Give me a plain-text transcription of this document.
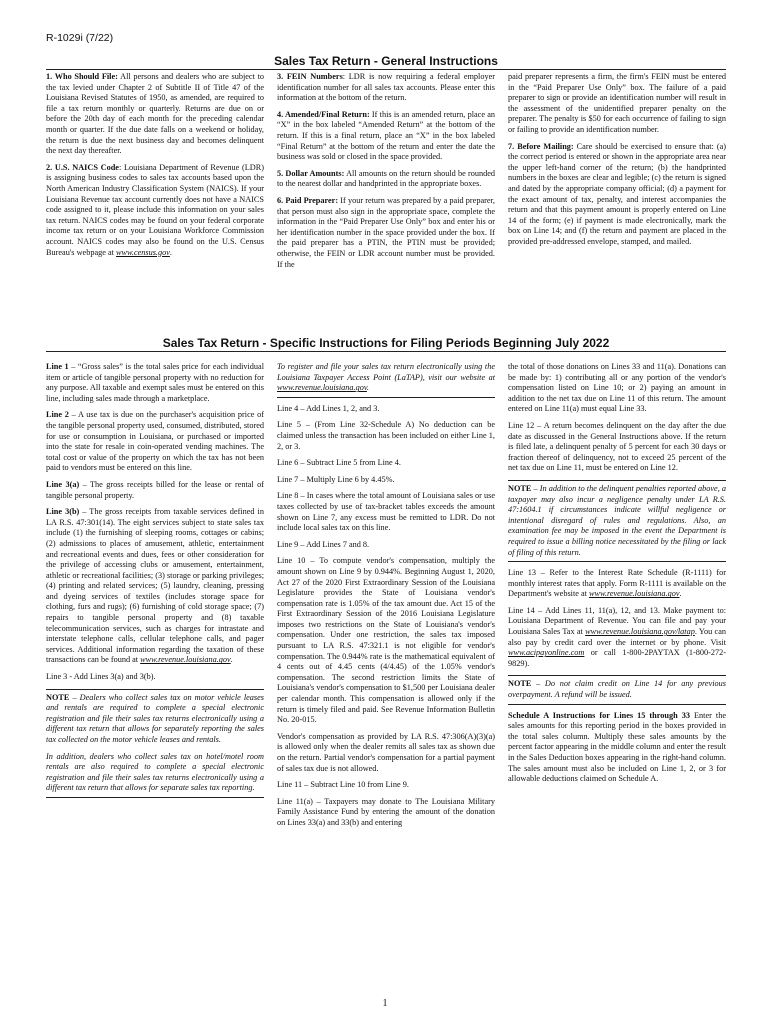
R-1029i (7/22)
Sales Tax Return - General Instructions

1. Who Should File: All persons and dealers who are subject to the tax levied under Chapter 2 of Subtitle II of Title 47 of the Louisiana Revised Statutes of 1950, as amended, are required to file a tax return monthly or quarterly. Returns are due on or before the 20th day of each month for the preceding calendar month or quarter. If the due date falls on a weekend or holiday, the return is due the next business day and becomes delinquent the next day thereafter.

2. U.S. NAICS Code: Louisiana Department of Revenue (LDR) is assigning business codes to sales tax accounts based upon the North American Industry Classification System (NAICS). If your Louisiana Revenue tax account currently does not have a NAICS code assigned to it, please include this information on your sales tax return. NAICS codes may be found on your federal corporate income tax return or on your Louisiana Workforce Commission account. NAICS codes may also be found on the U.S. Census Bureau's webpage at www.census.gov.

3. FEIN Numbers: LDR is now requiring a federal employer identification number for all sales tax accounts. Please enter this information at the bottom of the return.

4. Amended/Final Return: If this is an amended return, place an “X” in the box labeled “Amended Return” at the bottom of the return. If this is a final return, place an “X” in the box labeled “Final Return” at the bottom of the return and enter the date the business was sold or closed in the space provided.

5. Dollar Amounts: All amounts on the return should be rounded to the nearest dollar and handprinted in the appropriate boxes.

6. Paid Preparer: If your return was prepared by a paid preparer, that person must also sign in the appropriate space, complete the information in the “Paid Preparer Use Only” box and enter his or her identification number in the space provided under the box. If the paid preparer has a PTIN, the PTIN must be provided; otherwise, the FEIN or LDR account number must be provided. If the

paid preparer represents a firm, the firm's FEIN must be entered in the “Paid Preparer Use Only” box. The failure of a paid preparer to sign or provide an identification number will result in the assessment of the unidentified preparer penalty on the preparer. The penalty is $50 for each occurrence of failing to sign or failing to provide an identification number.

7. Before Mailing: Care should be exercised to ensure that: (a) the correct period is entered or shown in the appropriate area near the upper left-hand corner of the return; (b) the handprinted numbers in the boxes are clear and legible; (c) the return is signed and dated by the appropriate company official; (d) a payment for the exact amount of tax, penalty, and interest accompanies the return and that this payment amount is properly entered on Line 14 of the form; (e) if payment is made electronically, mark the box on Line 14; and (f) the return and payment are placed in the provided pre-addressed envelope, stamped, and mailed.

Sales Tax Return - Specific Instructions for Filing Periods Beginning July 2022

Line 1 – “Gross sales” is the total sales price for each individual item or article of tangible personal property with no reduction for any purpose. All taxable and exempt sales must be entered on this line, including sales made through a marketplace.

Line 2 – A use tax is due on the purchaser's acquisition price of the tangible personal property used, consumed, distributed, stored for use or consumption in Louisiana, or purchased or imported into the state for resale in coin-operated vending machines. The total cost or value of the property on which the tax has not been paid to vendors must be entered on this line.

Line 3(a) – The gross receipts billed for the lease or rental of tangible personal property.

Line 3(b) – The gross receipts from taxable services defined in LA R.S. 47:301(14). The eight services subject to state sales tax include (1) the furnishing of sleeping rooms, cottages or cabins; (2) admissions to places of amusement, athletic, entertainment and recreational events and dues, fees or other consideration for the privilege of accessing clubs or amusement, entertainment, athletic or recreational facilities; (3) storage or parking privileges; (4) printing and related services; (5) laundry, cleaning, pressing and dyeing services of textiles (includes storage space for clothing, furs and rugs); (6) furnishing of cold storage space; (7) repairs to tangible personal property and (8) taxable telecommunication services, such as charges for intrastate and interstate telephone calls, cellular telephone calls, and pager services. Additional information regarding the taxation of these transactions can be found at www.revenue.louisiana.gov.

Line 3 - Add Lines 3(a) and 3(b).

NOTE – Dealers who collect sales tax on motor vehicle leases and rentals are required to complete a special electronic registration and file their sales tax returns electronically using a different tax return that allows for separately reporting the sales tax collected on the motor vehicle leases and rentals.

In addition, dealers who collect sales tax on hotel/motel room rentals are also required to complete a special electronic registration and file their sales tax returns electronically using a different tax return that allows for separate sales tax reporting.

To register and file your sales tax return electronically using the Louisiana Taxpayer Access Point (LaTAP), visit our website at www.revenue.louisiana.gov.

Line 4 – Add Lines 1, 2, and 3.

Line 5 – (From Line 32-Schedule A) No deduction can be claimed unless the transaction has been included on either Line 1, 2, or 3.

Line 6 – Subtract Line 5 from Line 4.

Line 7 – Multiply Line 6 by 4.45%.

Line 8 – In cases where the total amount of Louisiana sales or use taxes collected by use of tax-bracket tables exceeds the amount shown on Line 7, any excess must be remitted to LDR. Do not include local sales tax on this line.

Line 9 – Add Lines 7 and 8.

Line 10 – To compute vendor's compensation, multiply the amount shown on Line 9 by 0.944%. Beginning August 1, 2020, Act 27 of the 2020 First Extraordinary Session of the Louisiana Legislature provides the State of Louisiana vendor's compensation rate is 1.05% of the tax amount due. Act 15 of the First Extraordinary Session of the 2016 Louisiana Legislature imposes two restrictions on the State of Louisiana's vendor's compensation. Under one restriction, the sales tax imposed pursuant to LA R.S. 47:321.1 is not eligible for vendor's compensation. The 0.944% rate is the mathematical equivalent of 4 cents out of 4.45 cents (4/4.45) of the 1.05% vendor's compensation. The second restriction limits the State of Louisiana's vendor's compensation to $1,500 per Louisiana dealer per calendar month. This compensation is allowed only if the return is timely filed and paid. See Revenue Information Bulletin No. 20-015.

Vendor's compensation as provided by LA R.S. 47:306(A)(3)(a) is allowed only when the dealer remits all sales tax as shown due on the return. Partial vendor's compensation for a partial payment of sales tax due is not allowed.

Line 11 – Subtract Line 10 from Line 9.

Line 11(a) – Taxpayers may donate to The Louisiana Military Family Assistance Fund by entering the amount of the donation on Lines 33(a) and 33(b) and entering

the total of those donations on Lines 33 and 11(a). Donations can be made by: 1) contributing all or any portion of the vendor's compensation listed on Line 10; or 2) paying an amount in addition to the net tax due on Line 11 of this return. The amount entered on Line 11(a) must equal Line 33.

Line 12 – A return becomes delinquent on the day after the due date as discussed in the General Instructions above. If the return is filed late, a delinquent penalty of 5 percent for each 30 days or fraction thereof of delinquency, not to exceed 25 percent of the net tax due on Line 11, must be entered on Line 12.

NOTE – In addition to the delinquent penalties reported above, a taxpayer may also incur a negligence penalty under LA R.S. 47:1604.1 if circumstances indicate willful negligence or intentional disregard of rules and regulations. Also, an examination fee may be imposed in the event the Department is required to issue a billing notice necessitated by the filing or lack of filing of this return.

Line 13 – Refer to the Interest Rate Schedule (R-1111) for monthly interest rates that apply. Form R-1111 is available on the Department's website at www.revenue.louisiana.gov.

Line 14 – Add Lines 11, 11(a), 12, and 13. Make payment to: Louisiana Department of Revenue. You can file and pay your Louisiana Sales Tax at www.revenue.louisiana.gov/latap. You can also pay by credit card over the internet or by phone. Visit www.acipayonline.com or call 1-800-2PAYTAX (1-800-272-9829).

NOTE – Do not claim credit on Line 14 for any previous overpayment. A refund will be issued.

Schedule A Instructions for Lines 15 through 33 Enter the sales amounts for this reporting period in the boxes provided in the total sales column. Multiply these sales amounts by the percent factor appearing in the middle column and enter the result in the Sales Deduction boxes appearing in the right-hand column. The sales amount must also be included on Line 1, 2, or 3 for allowable deductions claimed on Schedule A.

1
